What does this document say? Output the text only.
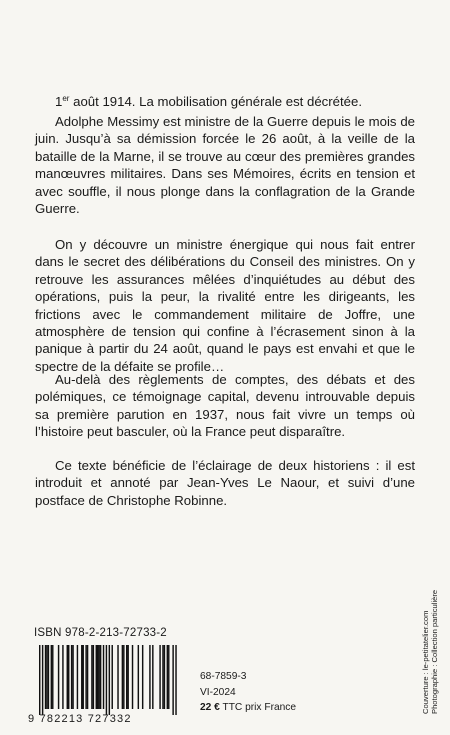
1er août 1914. La mobilisation générale est décrétée.

Adolphe Messimy est ministre de la Guerre depuis le mois de juin. Jusqu’à sa démission forcée le 26 août, à la veille de la bataille de la Marne, il se trouve au cœur des premières grandes manœuvres militaires. Dans ses Mémoires, écrits en tension et avec souffle, il nous plonge dans la conflagration de la Grande Guerre.

On y découvre un ministre énergique qui nous fait entrer dans le secret des délibérations du Conseil des ministres. On y retrouve les assurances mêlées d’inquiétudes au début des opérations, puis la peur, la rivalité entre les dirigeants, les frictions avec le commandement militaire de Joffre, une atmosphère de tension qui confine à l’écrasement sinon à la panique à partir du 24 août, quand le pays est envahi et que le spectre de la défaite se profile…

Au-delà des règlements de comptes, des débats et des polémiques, ce témoignage capital, devenu introuvable depuis sa première parution en 1937, nous fait vivre un temps où l’histoire peut basculer, où la France peut disparaître.

Ce texte bénéficie de l’éclairage de deux historiens : il est introduit et annoté par Jean-Yves Le Naour, et suivi d’une postface de Christophe Robinne.

Couverture : le-petitatelier.com Photographie : Collection particulière
ISBN 978-2-213-72733-2
9 782213 727332
68-7859-3
VI-2024
22 € TTC prix France
